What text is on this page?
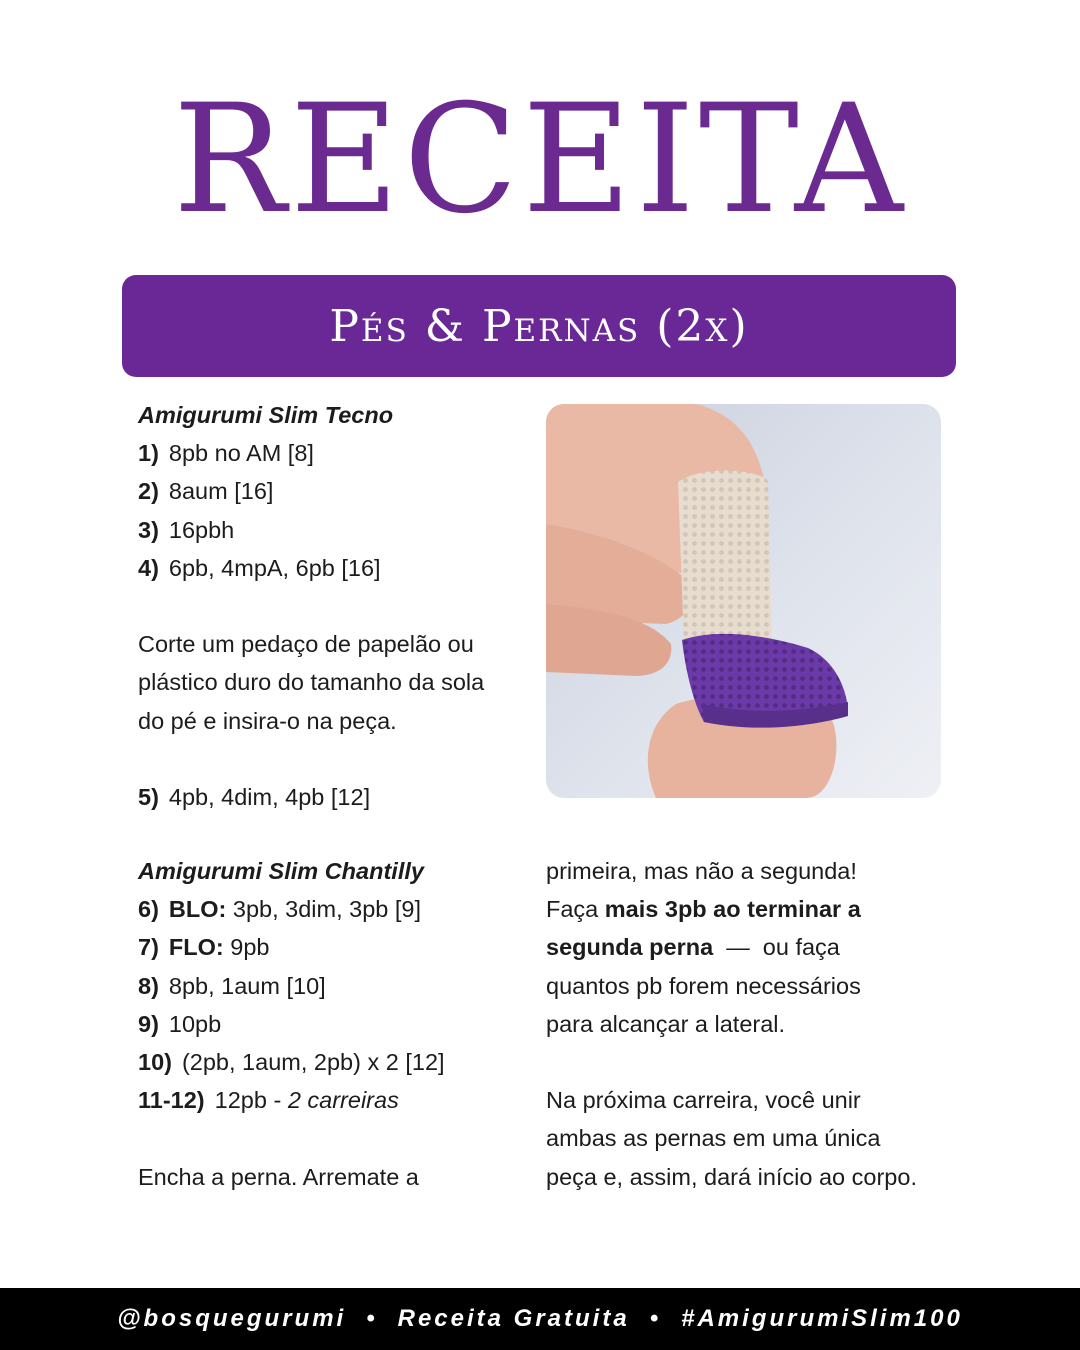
RECEITA
Pés & Pernas (2x)
Amigurumi Slim Tecno
1) 8pb no AM [8]
2) 8aum [16]
3) 16pbh
4) 6pb, 4mpA, 6pb [16]
Corte um pedaço de papelão ou
plástico duro do tamanho da sola
do pé e insira-o na peça.
5) 4pb, 4dim, 4pb [12]
Amigurumi Slim Chantilly
6) BLO: 3pb, 3dim, 3pb [9]
7) FLO: 9pb
8) 8pb, 1aum [10]
9) 10pb
10) (2pb, 1aum, 2pb) x 2 [12]
11-12) 12pb - 2 carreiras
Encha a perna. Arremate a
primeira, mas não a segunda!
Faça mais 3pb ao terminar a
segunda perna  —  ou faça
quantos pb forem necessários
para alcançar a lateral.
Na próxima carreira, você unir
ambas as pernas em uma única
peça e, assim, dará início ao corpo.
@bosquegurumi • Receita Gratuita • #AmigurumiSlim100
